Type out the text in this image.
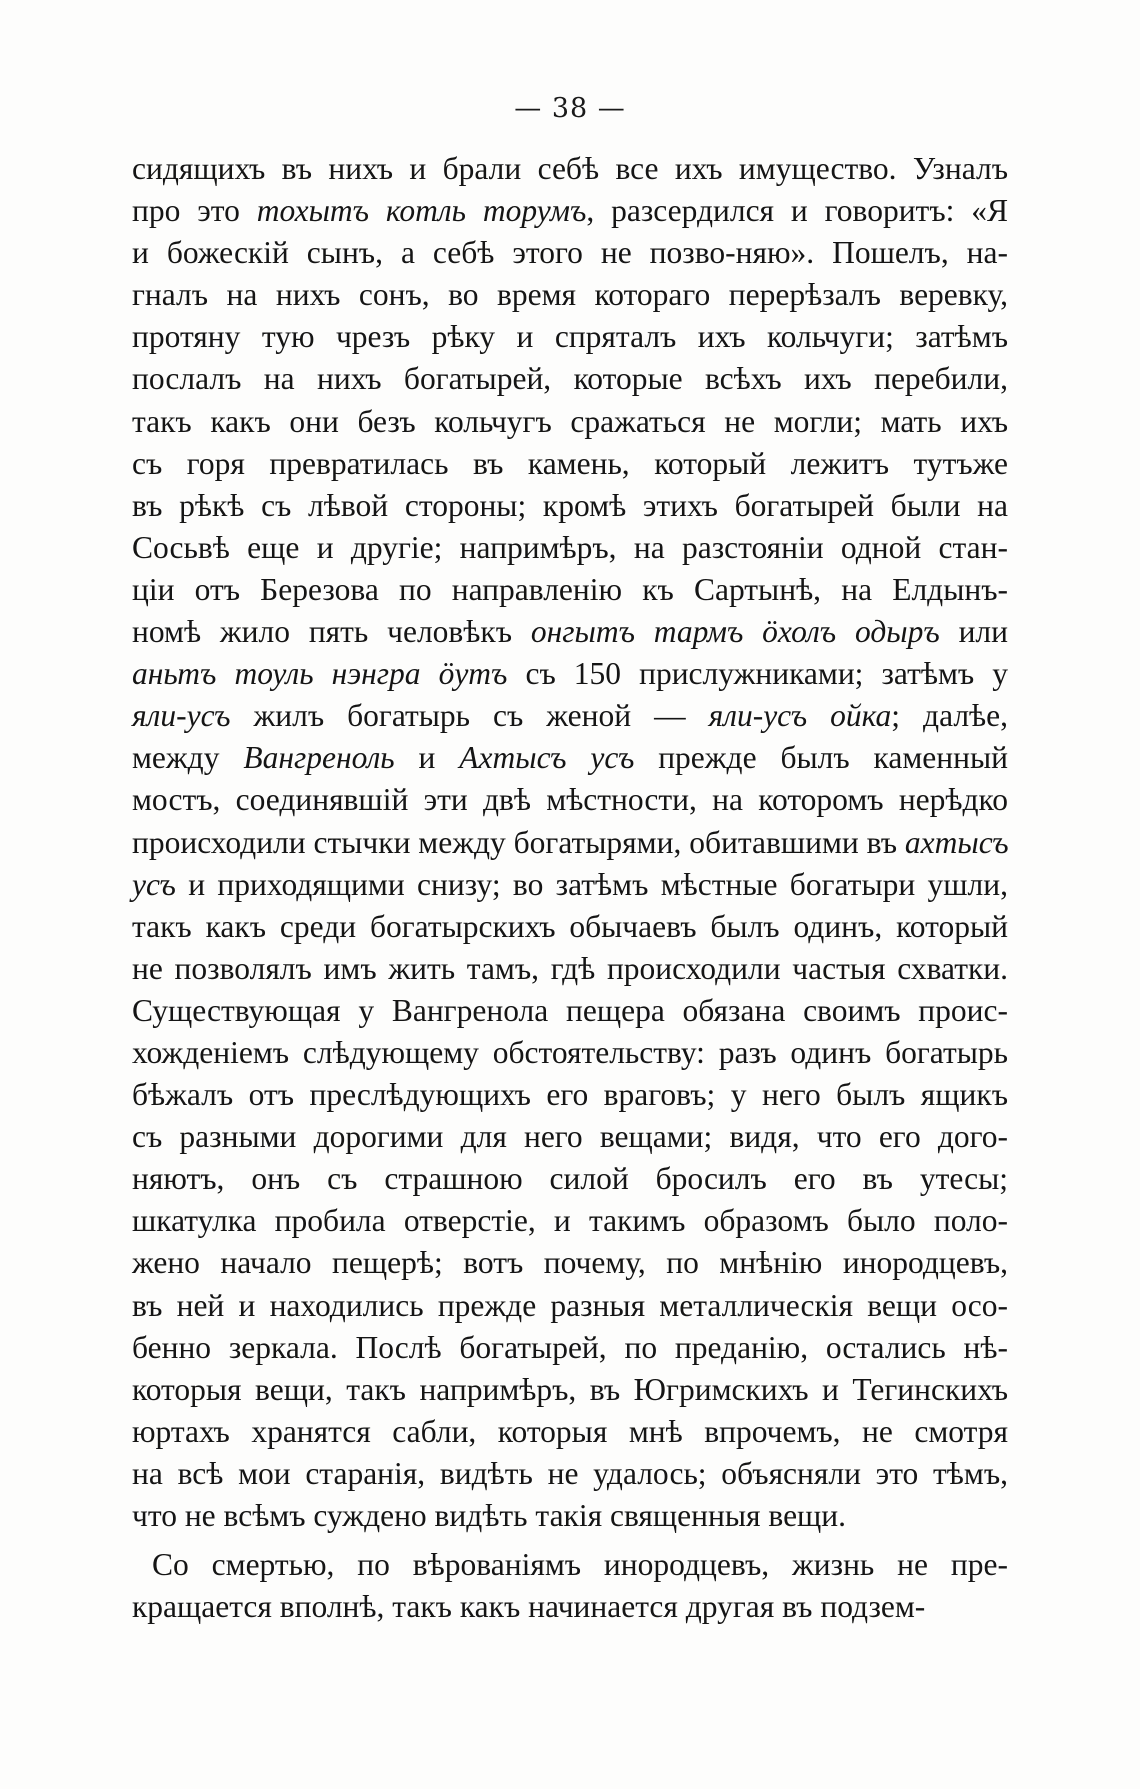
— 38 —
сидящихъ въ нихъ и брали себѣ все ихъ имущество. Узналъ
про это тохытъ котль торумъ, разсердился и говоритъ: «Я
и божескій сынъ, а себѣ этого не позво-няю». Пошелъ, на-
гналъ на нихъ сонъ, во время котораго перерѣзалъ веревку,
протяну тую чрезъ рѣку и спряталъ ихъ кольчуги; затѣмъ
послалъ на нихъ богатырей, которые всѣхъ ихъ перебили,
такъ какъ они безъ кольчугъ сражаться не могли; мать ихъ
съ горя превратилась въ камень, который лежитъ тутъже
въ рѣкѣ съ лѣвой стороны; кромѣ этихъ богатырей были на
Сосьвѣ еще и другіе; напримѣръ, на разстояніи одной стан-
ціи отъ Березова по направленію къ Сартынѣ, на Елдынъ-
номѣ жило пять человѣкъ онгытъ тармъ ӧхолъ одыръ или
аньтъ тоуль нэнгра ӧутъ съ 150 прислужниками; затѣмъ у
яли-усъ жилъ богатырь съ женой — яли-усъ ойка; далѣе,
между Вангреноль и Ахтысъ усъ прежде былъ каменный
мостъ, соединявшій эти двѣ мѣстности, на которомъ нерѣдко
происходили стычки между богатырями, обитавшими въ ахтысъ
усъ и приходящими снизу; во затѣмъ мѣстные богатыри ушли,
такъ какъ среди богатырскихъ обычаевъ былъ одинъ, который
не позволялъ имъ жить тамъ, гдѣ происходили частыя схватки.
Существующая у Вангренола пещера обязана своимъ проис-
хожденіемъ слѣдующему обстоятельству: разъ одинъ богатырь
бѣжалъ отъ преслѣдующихъ его враговъ; у него былъ ящикъ
съ разными дорогими для него вещами; видя, что его дого-
няютъ, онъ съ страшною силой бросилъ его въ утесы;
шкатулка пробила отверстіе, и такимъ образомъ было поло-
жено начало пещерѣ; вотъ почему, по мнѣнію инородцевъ,
въ ней и находились прежде разныя металлическія вещи осо-
бенно зеркала. Послѣ богатырей, по преданію, остались нѣ-
которыя вещи, такъ напримѣръ, въ Югримскихъ и Тегинскихъ
юртахъ хранятся сабли, которыя мнѣ впрочемъ, не смотря
на всѣ мои старанія, видѣть не удалось; объясняли это тѣмъ,
что не всѣмъ суждено видѣть такія священныя вещи.
Со смертью, по вѣрованіямъ инородцевъ, жизнь не пре-
кращается вполнѣ, такъ какъ начинается другая въ подзем-
